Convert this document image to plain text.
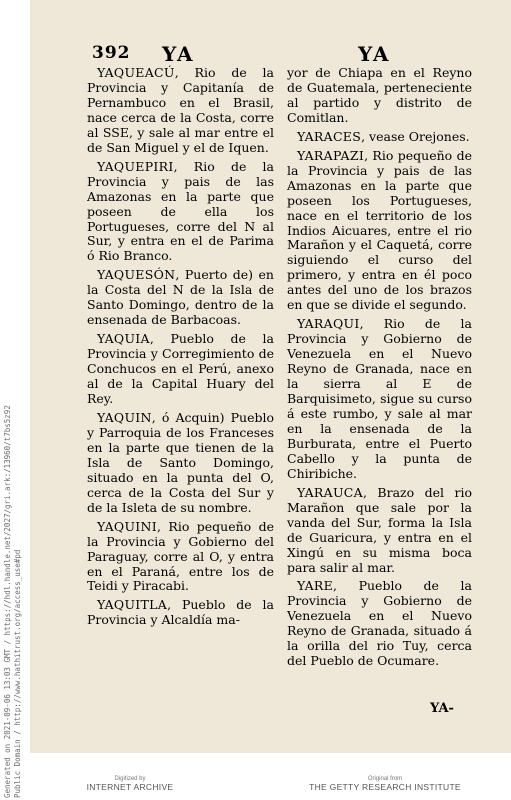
392 YA	YA

YAQUEACÚ, Rio de la Provincia y Capitanía de Pernambuco en el Brasil, nace cerca de la Costa, corre al SSE, y sale al mar entre el de San Miguel y el de Iquen.

YAQUEPIRI, Rio de la Provincia y pais de las Amazonas en la parte que poseen de ella los Portugueses, corre del N al Sur, y entra en el de Parima ó Rio Branco.

YAQUESÓN, Puerto de) en la Costa del N de la Isla de Santo Domingo, dentro de la ensenada de Barbacoas.

YAQUIA, Pueblo de la Provincia y Corregimiento de Conchucos en el Perú, anexo al de la Capital Huary del Rey.

YAQUIN, ó Acquin) Pueblo y Parroquia de los Franceses en la parte que tienen de la Isla de Santo Domingo, situado en la punta del O, cerca de la Costa del Sur y de la Isleta de su nombre.

YAQUINI, Rio pequeño de la Provincia y Gobierno del Paraguay, corre al O, y entra en el Paraná, entre los de Teidi y Piracabi.

YAQUITLA, Pueblo de la Provincia y Alcaldía ma-

yor de Chiapa en el Reyno de Guatemala, perteneciente al partido y distrito de Comitlan.

YARACES, vease Orejones.

YARAPAZI, Rio pequeño de la Provincia y pais de las Amazonas en la parte que poseen los Portugueses, nace en el territorio de los Indios Aicuares, entre el rio Marañon y el Caquetá, corre siguiendo el curso del primero, y entra en él poco antes del uno de los brazos en que se divide el segundo.

YARAQUI, Rio de la Provincia y Gobierno de Venezuela en el Nuevo Reyno de Granada, nace en la sierra al E de Barquisimeto, sigue su curso á este rumbo, y sale al mar en la ensenada de la Burburata, entre el Puerto Cabello y la punta de Chiribiche.

YARAUCA, Brazo del rio Marañon que sale por la vanda del Sur, forma la Isla de Guaricura, y entra en el Xingú en su misma boca para salir al mar.

YARE, Pueblo de la Provincia y Gobierno de Venezuela en el Nuevo Reyno de Granada, situado á la orilla del rio Tuy, cerca del Pueblo de Ocumare.

YA-
Generated on 2021-09-06 13:03 GMT / https://hdl.handle.net/2027/gri.ark:/13960/t7bs5z92 Public Domain / http://www.hathitrust.org/access_use#pd	Digitized by
INTERNET ARCHIVE
Original from
THE GETTY RESEARCH INSTITUTE
